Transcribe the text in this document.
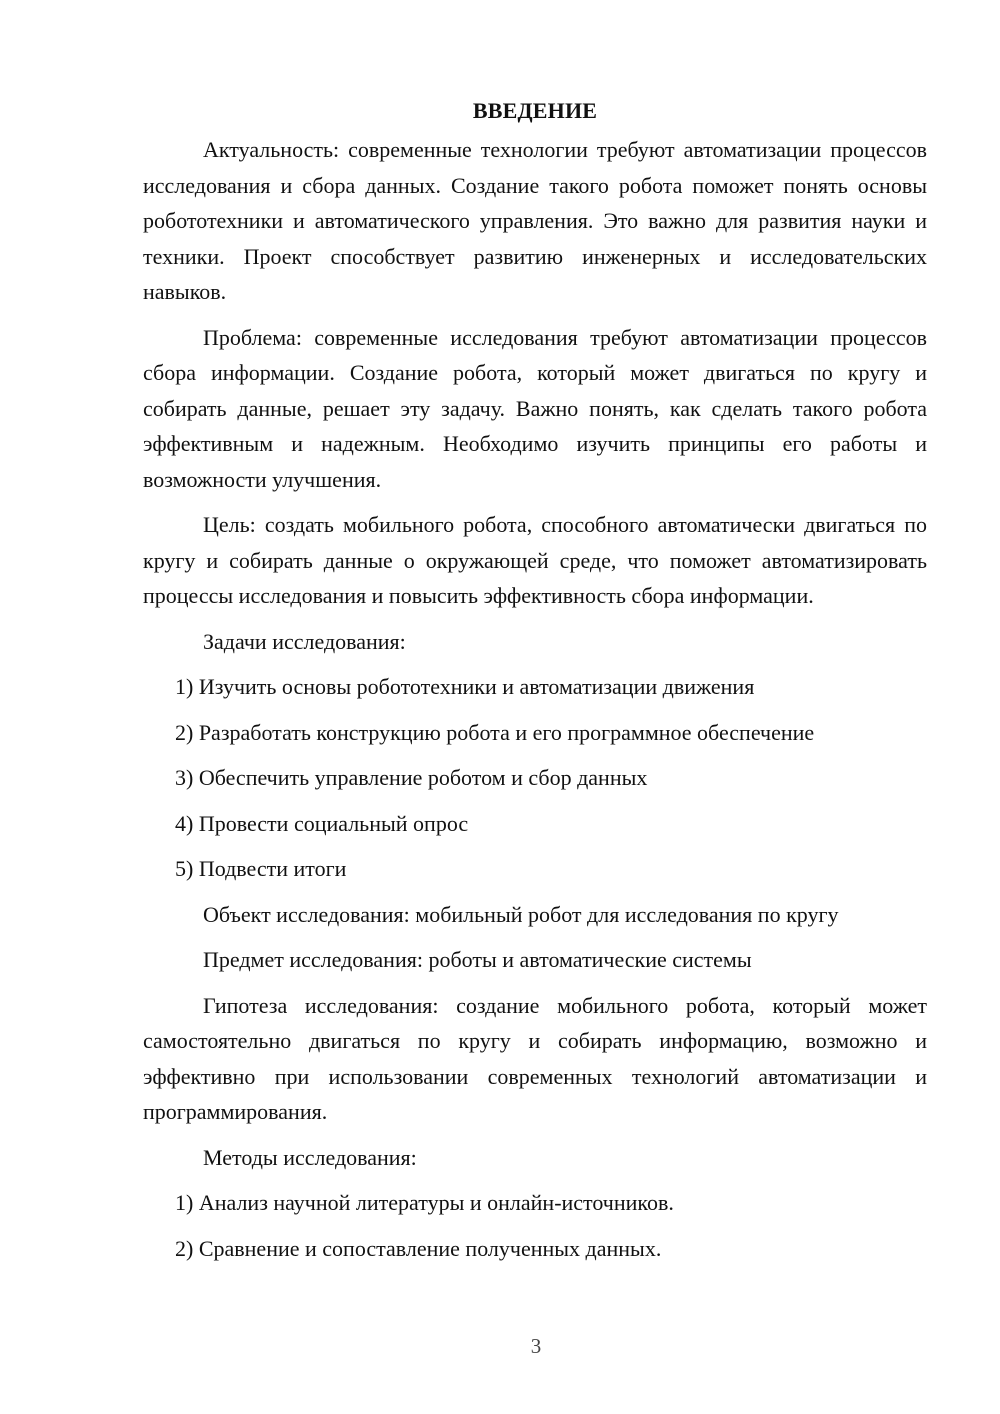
ВВЕДЕНИЕ

Актуальность: современные технологии требуют автоматизации процессов исследования и сбора данных. Создание такого робота поможет понять основы робототехники и автоматического управления. Это важно для развития науки и техники. Проект способствует развитию инженерных и исследовательских навыков.

Проблема: современные исследования требуют автоматизации процессов сбора информации. Создание робота, который может двигаться по кругу и собирать данные, решает эту задачу. Важно понять, как сделать такого робота эффективным и надежным. Необходимо изучить принципы его работы и возможности улучшения.

Цель: создать мобильного робота, способного автоматически двигаться по кругу и собирать данные о окружающей среде, что поможет автоматизировать процессы исследования и повысить эффективность сбора информации.

Задачи исследования:

1) Изучить основы робототехники и автоматизации движения
2) Разработать конструкцию робота и его программное обеспечение
3) Обеспечить управление роботом и сбор данных
4) Провести социальный опрос
5) Подвести итоги

Объект исследования: мобильный робот для исследования по кругу

Предмет исследования: роботы и автоматические системы

Гипотеза исследования: создание мобильного робота, который может самостоятельно двигаться по кругу и собирать информацию, возможно и эффективно при использовании современных технологий автоматизации и программирования.

Методы исследования:

1) Анализ научной литературы и онлайн-источников.
2) Сравнение и сопоставление полученных данных.
3
